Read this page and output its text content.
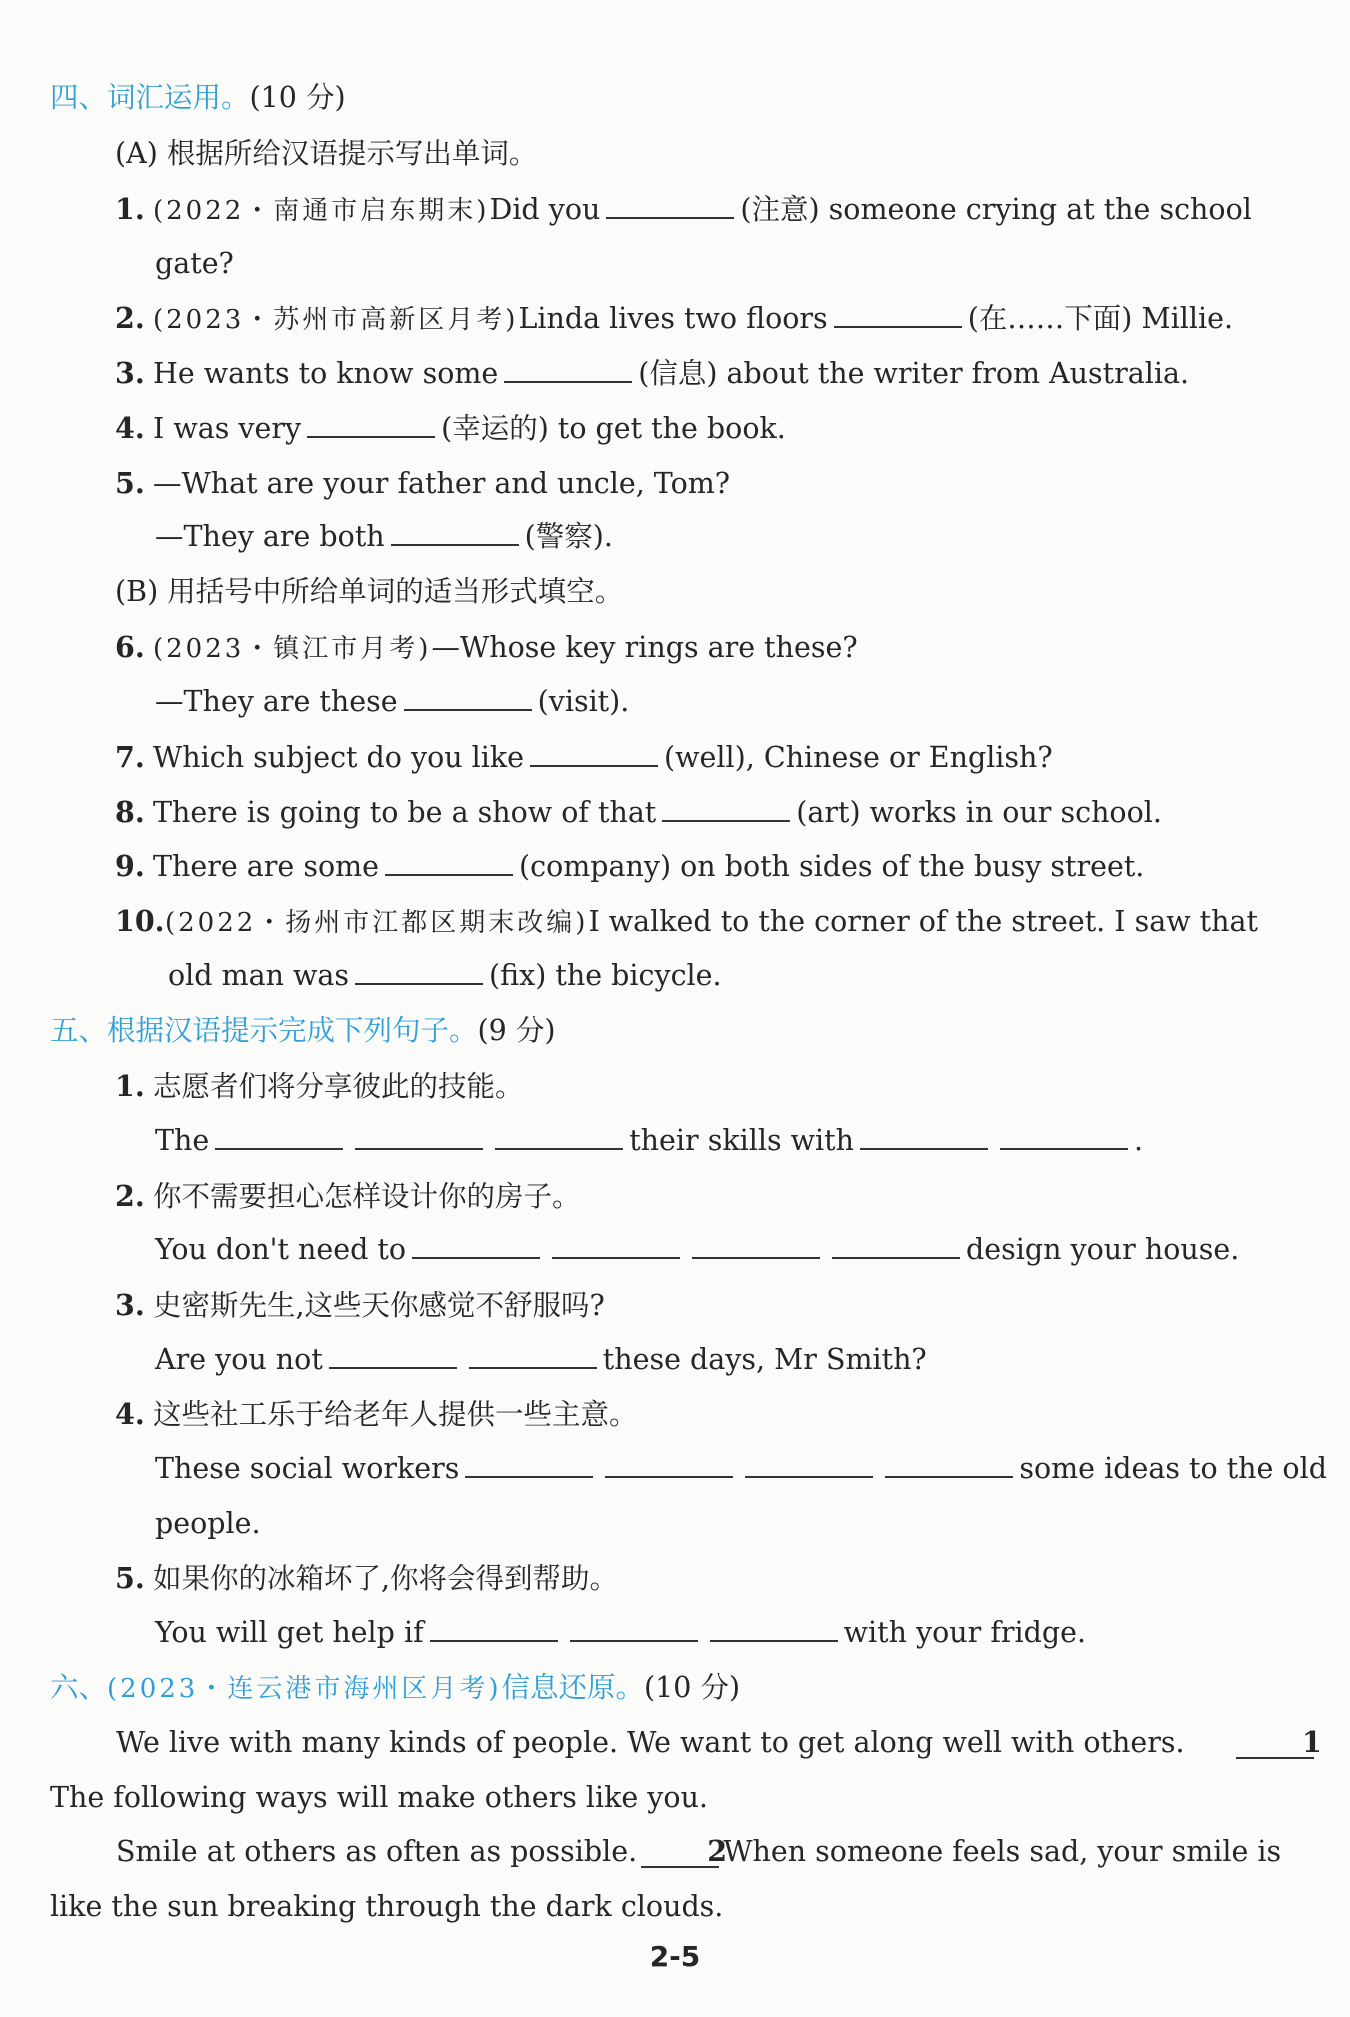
四、词汇运用。(10 分)
(A) 根据所给汉语提示写出单词。
1. (2022・南通市启东期末)Did you	(注意) someone crying at the school
gate?
2. (2023・苏州市高新区月考)Linda lives two floors	(在……下面) Millie.
3. He wants to know some	(信息) about the writer from Australia.
4. I was very	(幸运的) to get the book.
5. —What are your father and uncle, Tom?
—They are both	(警察).
(B) 用括号中所给单词的适当形式填空。
6. (2023・镇江市月考)—Whose key rings are these?
—They are these	(visit).
7. Which subject do you like	(well), Chinese or English?
8. There is going to be a show of that	(art) works in our school.
9. There are some	(company) on both sides of the busy street.
10.(2022・扬州市江都区期末改编)I walked to the corner of the street. I saw that
old man was	(fix) the bicycle.
五、根据汉语提示完成下列句子。(9 分)
1. 志愿者们将分享彼此的技能。
The	their skills with	.
2. 你不需要担心怎样设计你的房子。
You don't need to	design your house.
3. 史密斯先生,这些天你感觉不舒服吗?
Are you not	these days, Mr Smith?
4. 这些社工乐于给老年人提供一些主意。
These social workers	some ideas to the old
people.
5. 如果你的冰箱坏了,你将会得到帮助。
You will get help if	with your fridge.
六、(2023・连云港市海州区月考)信息还原。(10 分)
We live with many kinds of people. We want to get along well with others.	1
The following ways will make others like you.
Smile at others as often as possible. 2When someone feels sad, your smile is
like the sun breaking through the dark clouds.
2-5
